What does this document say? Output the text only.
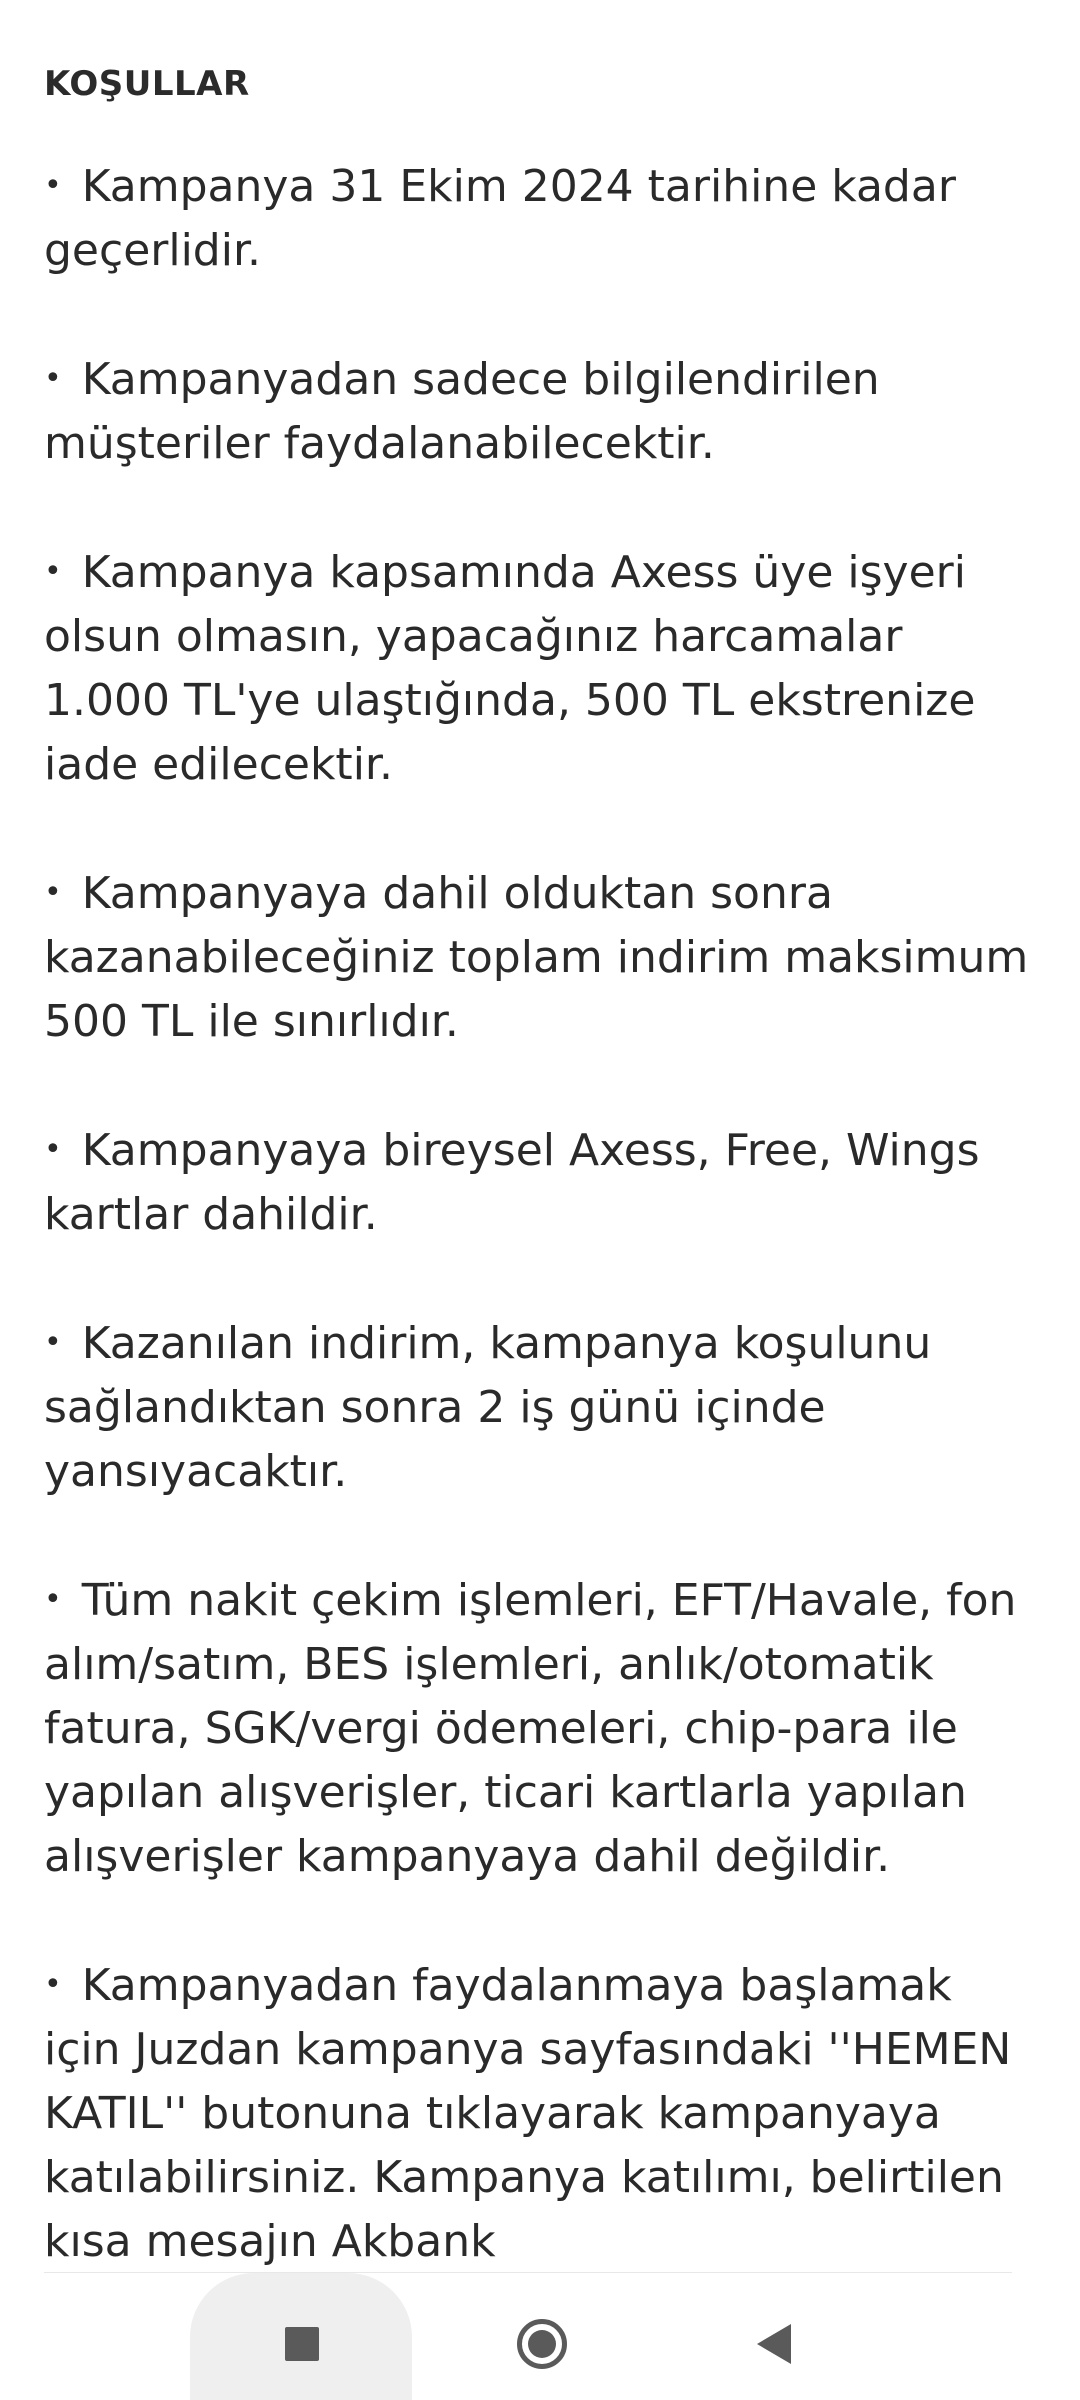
KOŞULLAR
• Kampanya 31 Ekim 2024 tarihine kadar geçerlidir.
• Kampanyadan sadece bilgilendirilen müşteriler faydalanabilecektir.
• Kampanya kapsamında Axess üye işyeri olsun olmasın, yapacağınız harcamalar 1.000 TL'ye ulaştığında, 500 TL ekstrenize iade edilecektir.
• Kampanyaya dahil olduktan sonra kazanabileceğiniz toplam indirim maksimum 500 TL ile sınırlıdır.
• Kampanyaya bireysel Axess, Free, Wings kartlar dahildir.
• Kazanılan indirim, kampanya koşulunu sağlandıktan sonra 2 iş günü içinde yansıyacaktır.
• Tüm nakit çekim işlemleri, EFT/Havale, fon alım/satım, BES işlemleri, anlık/otomatik fatura, SGK/vergi ödemeleri, chip-para ile yapılan alışverişler, ticari kartlarla yapılan alışverişler kampanyaya dahil değildir.
• Kampanyadan faydalanmaya başlamak için Juzdan kampanya sayfasındaki ''HEMEN KATIL'' butonuna tıklayarak kampanyaya katılabilirsiniz. Kampanya katılımı, belirtilen kısa mesajın Akbank
